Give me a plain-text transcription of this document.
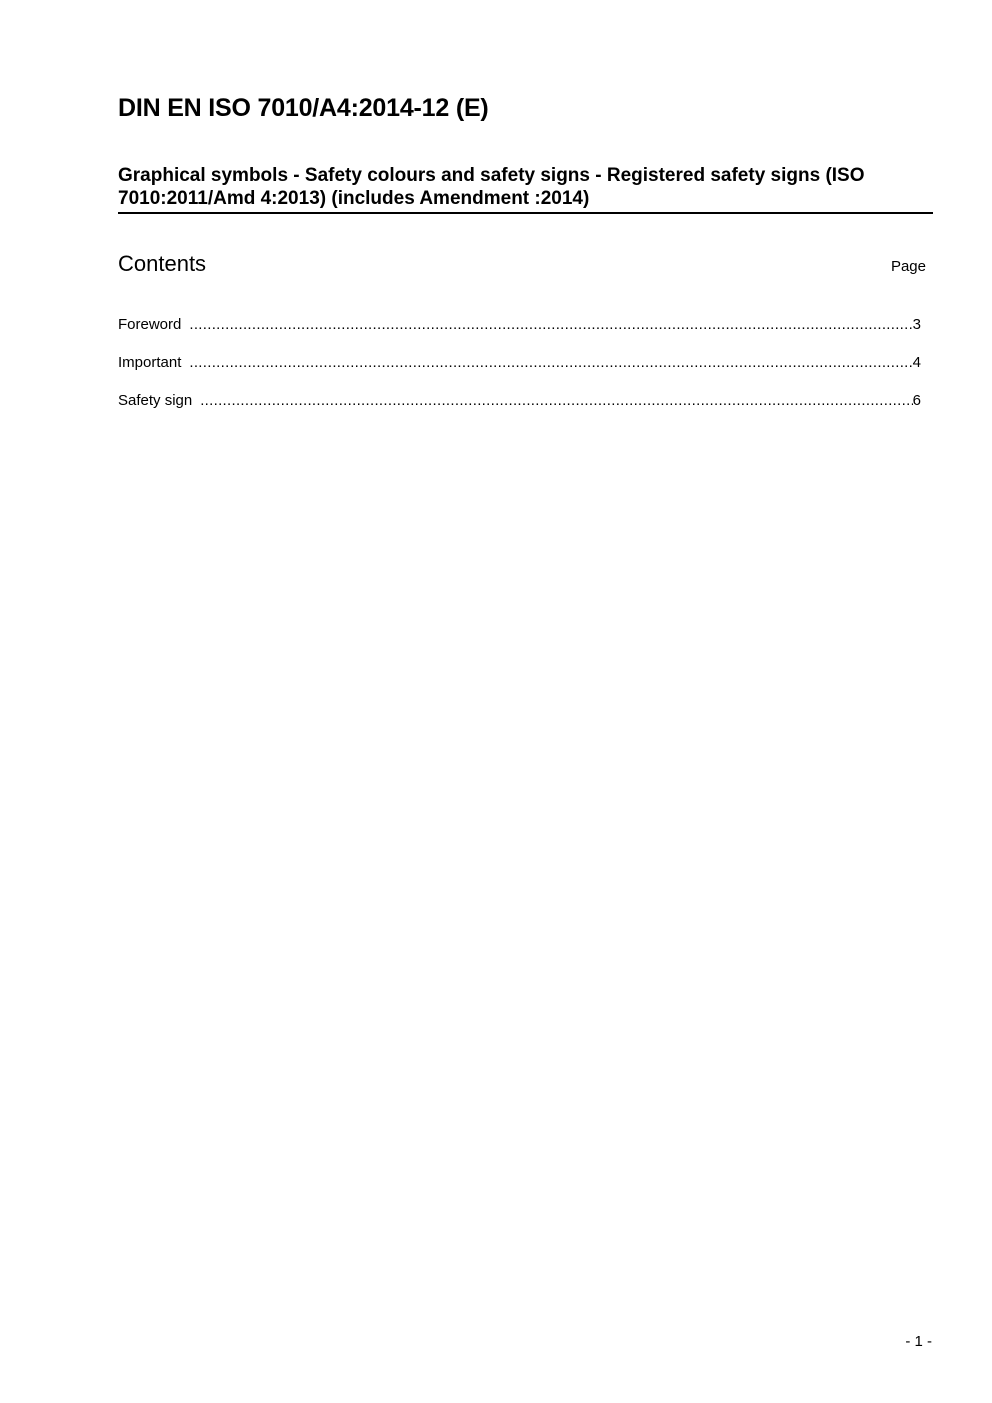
DIN EN ISO 7010/A4:2014-12 (E)
Graphical symbols - Safety colours and safety signs - Registered safety signs (ISO 7010:2011/Amd 4:2013) (includes Amendment :2014)
Contents	Page
Foreword .....	3
Important .....	4
Safety sign .....	6
- 1 -
